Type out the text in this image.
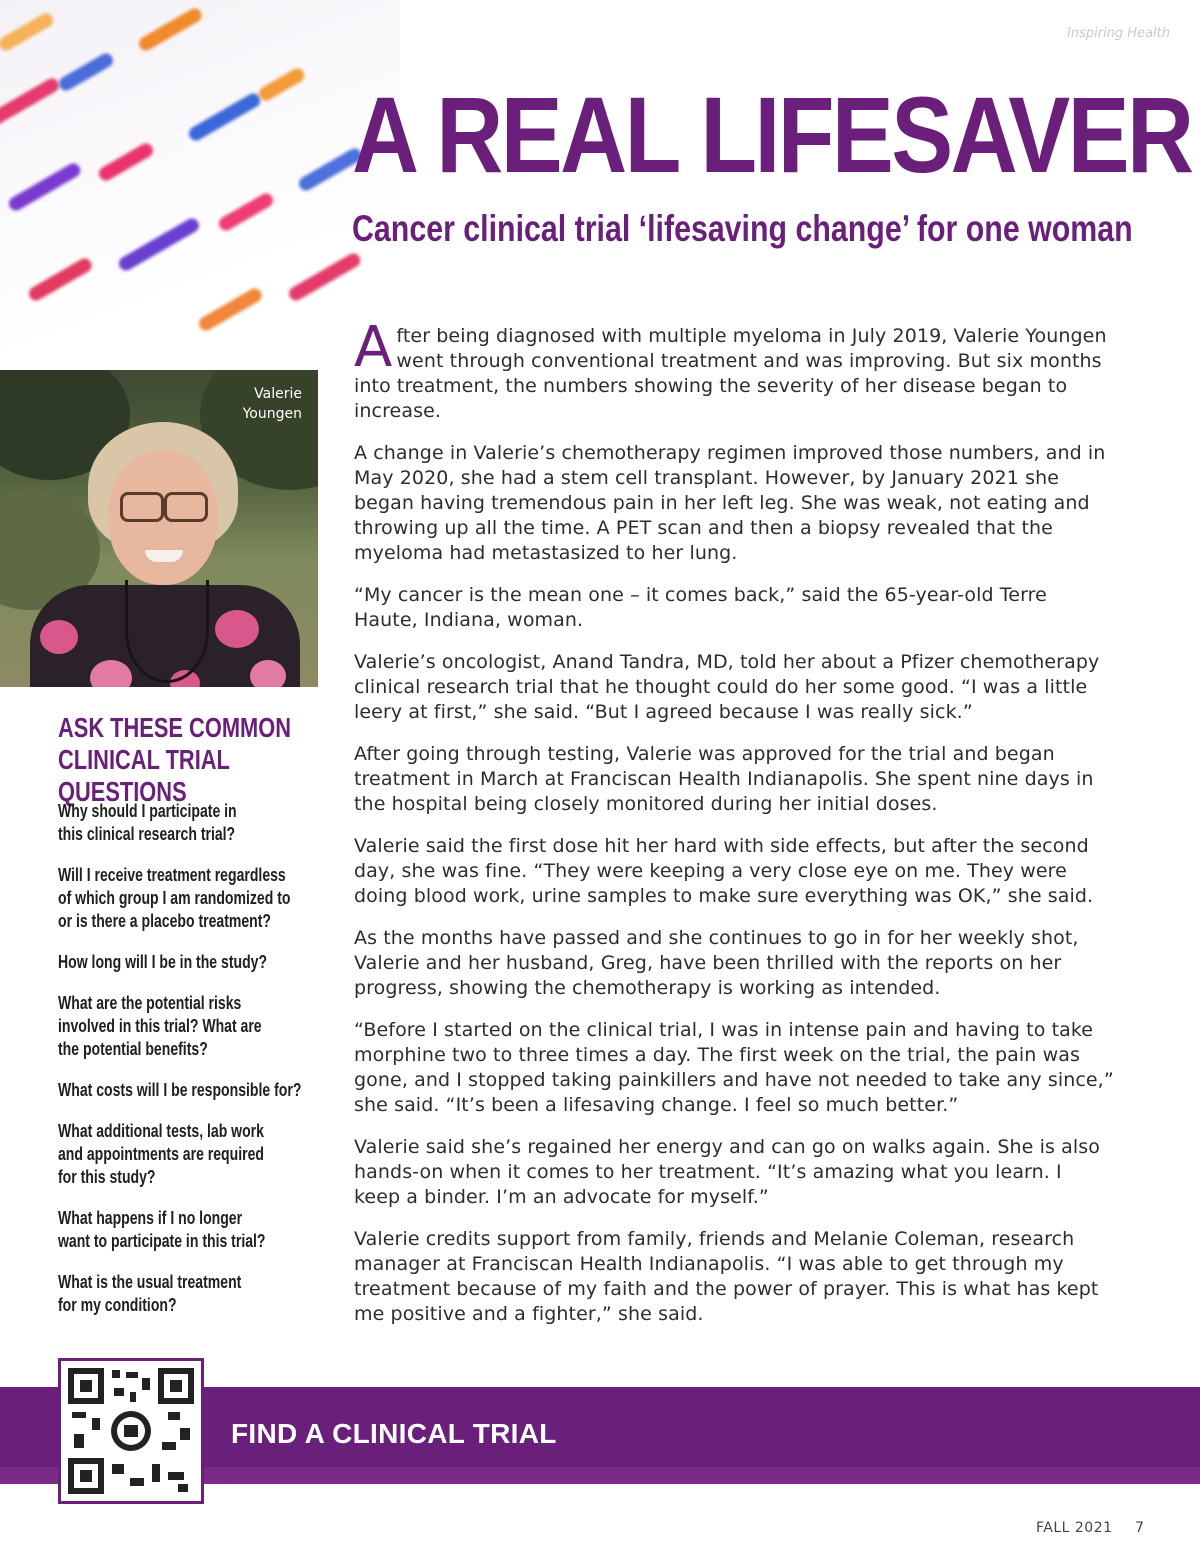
Inspiring Health
A REAL LIFESAVER
Cancer clinical trial ‘lifesaving change’ for one woman
Valerie
Youngen
ASK THESE COMMON CLINICAL TRIAL QUESTIONS
Why should I participate in
this clinical research trial?
Will I receive treatment regardless
of which group I am randomized to
or is there a placebo treatment?
How long will I be in the study?
What are the potential risks
involved in this trial? What are
the potential benefits?
What costs will I be responsible for?
What additional tests, lab work
and appointments are required
for this study?
What happens if I no longer
want to participate in this trial?
What is the usual treatment
for my condition?

After being diagnosed with multiple myeloma in July 2019, Valerie Youngen went through conventional treatment and was improving. But six months into treatment, the numbers showing the severity of her disease began to increase.

A change in Valerie’s chemotherapy regimen improved those numbers, and in May 2020, she had a stem cell transplant. However, by January 2021 she began having tremendous pain in her left leg. She was weak, not eating and throwing up all the time. A PET scan and then a biopsy revealed that the myeloma had metastasized to her lung.

“My cancer is the mean one – it comes back,” said the 65-year-old Terre Haute, Indiana, woman.

Valerie’s oncologist, Anand Tandra, MD, told her about a Pfizer chemotherapy clinical research trial that he thought could do her some good. “I was a little leery at first,” she said. “But I agreed because I was really sick.”

After going through testing, Valerie was approved for the trial and began treatment in March at Franciscan Health Indianapolis. She spent nine days in the hospital being closely monitored during her initial doses.

Valerie said the first dose hit her hard with side effects, but after the second day, she was fine. “They were keeping a very close eye on me. They were doing blood work, urine samples to make sure everything was OK,” she said.

As the months have passed and she continues to go in for her weekly shot, Valerie and her husband, Greg, have been thrilled with the reports on her progress, showing the chemotherapy is working as intended.

“Before I started on the clinical trial, I was in intense pain and having to take morphine two to three times a day. The first week on the trial, the pain was gone, and I stopped taking painkillers and have not needed to take any since,” she said. “It’s been a lifesaving change. I feel so much better.”

Valerie said she’s regained her energy and can go on walks again. She is also hands-on when it comes to her treatment. “It’s amazing what you learn. I keep a binder. I’m an advocate for myself.”

Valerie credits support from family, friends and Melanie Coleman, research manager at Franciscan Health Indianapolis. “I was able to get through my treatment because of my faith and the power of prayer. This is what has kept me positive and a fighter,” she said.

FIND A CLINICAL TRIAL
FALL 2021 7
